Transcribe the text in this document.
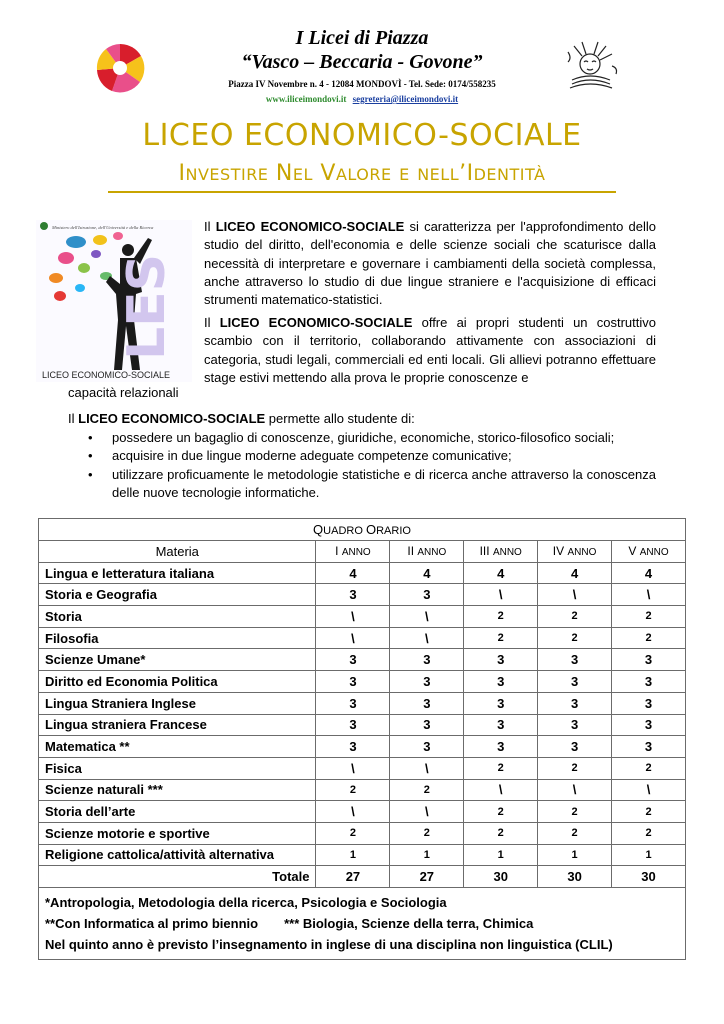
I Licei di Piazza
“Vasco – Beccaria - Govone”
Piazza IV Novembre n. 4 - 12084 MONDOVÌ - Tel. Sede: 0174/558235
www.iliceimondovi.it segreteria@iliceimondovi.it
LICEO ECONOMICO-SOCIALE
INVESTIRE NEL VALORE E NELL’IDENTITÀ
Ministero dell'Istruzione, dell'Università e della Ricerca
LES
LICEO ECONOMICO-SOCIALE
Il LICEO ECONOMICO-SOCIALE si caratterizza per l'approfondimento dello studio del diritto, dell'economia e delle scienze sociali che scaturisce dalla necessità di interpretare e governare i cambiamenti della società complessa, anche attraverso lo studio di due lingue straniere e l'acquisizione di efficaci strumenti matematico-statistici.
Il LICEO ECONOMICO-SOCIALE offre ai propri studenti un costruttivo scambio con il territorio, collaborando attivamente con associazioni di categoria, studi legali, commerciali ed enti locali. Gli allievi potranno effettuare stage estivi mettendo alla prova le proprie conoscenze e
capacità relazionali
Il LICEO ECONOMICO-SOCIALE permette allo studente di:
• possedere un bagaglio di conoscenze, giuridiche, economiche, storico-filosofico sociali;
• acquisire in due lingue moderne adeguate competenze comunicative;
• utilizzare proficuamente le metodologie statistiche e di ricerca anche attraverso la conoscenza delle nuove tecnologie informatiche.
QUADRO ORARIO					
Materia	I ANNO	II ANNO	III ANNO	IV ANNO	V ANNO
Lingua e letteratura italiana	4	4	4	4	4
Storia e Geografia	3	3	\	\	\
Storia	\	\	2	2	2
Filosofia	\	\	2	2	2
Scienze Umane*	3	3	3	3	3
Diritto ed Economia Politica	3	3	3	3	3
Lingua Straniera Inglese	3	3	3	3	3
Lingua straniera Francese	3	3	3	3	3
Matematica **	3	3	3	3	3
Fisica	\	\	2	2	2
Scienze naturali ***	2	2	\	\	\
Storia dell’arte	\	\	2	2	2
Scienze motorie e sportive	2	2	2	2	2
Religione cattolica/attività alternativa	1	1	1	1	1
Totale	27	27	30	30	30

*Antropologia, Metodologia della ricerca, Psicologia e Sociologia
**Con Informatica al primo biennio *** Biologia, Scienze della terra, Chimica
Nel quinto anno è previsto l’insegnamento in inglese di una disciplina non linguistica (CLIL)					
